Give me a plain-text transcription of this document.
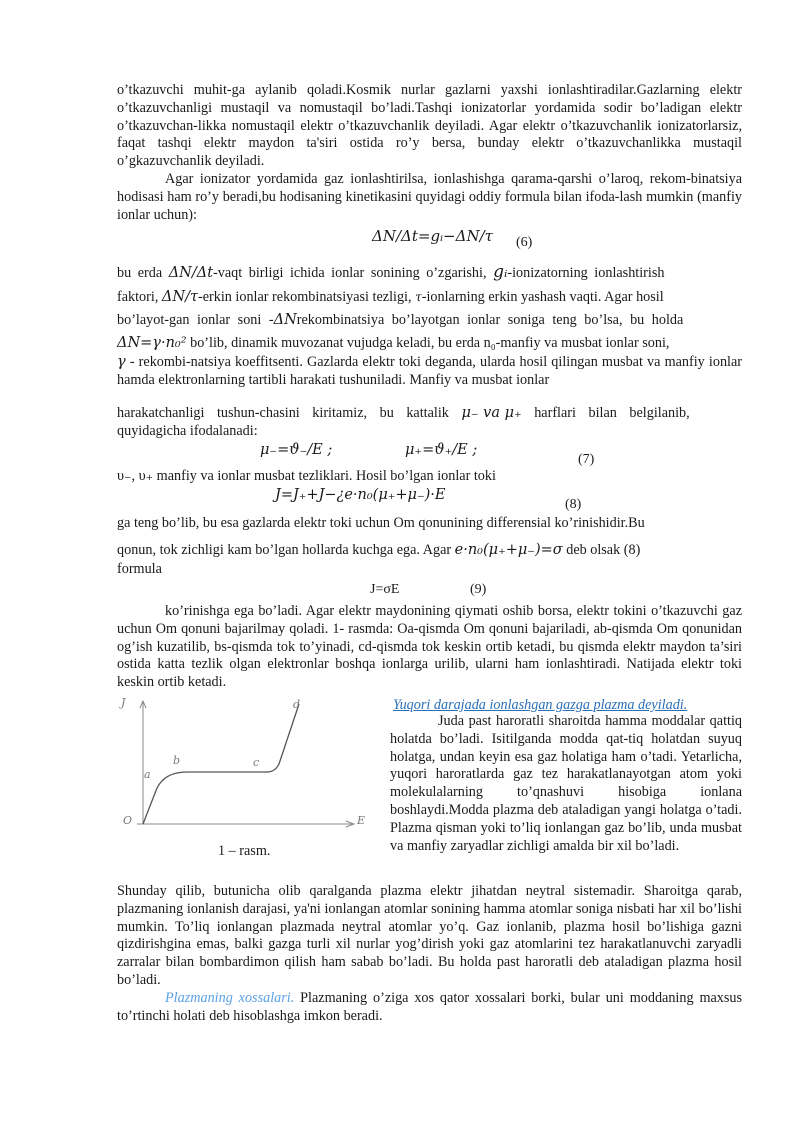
o’tkazuvchi muhit-ga aylanib qoladi.Kosmik nurlar gazlarni yaxshi ionlashtiradilar.Gazlarning elektr o’tkazuvchanligi mustaqil va nomustaqil bo’ladi.Tashqi ionizatorlar yordamida sodir bo’ladigan elektr o’tkazuvchan-likka nomustaqil elektr o’tkazuvchanlik deyiladi. Agar elektr o’tkazuvchanlik ionizatorlarsiz, faqat tashqi elektr maydon ta'siri ostida ro’y bersa, bunday elektr o’tkazuvchanlikka mustaqil o’gkazuvchanlik deyiladi.

Agar ionizator yordamida gaz ionlashtirilsa, ionlashishga qarama-qarshi o’laroq, rekom-binatsiya hodisasi ham ro’y beradi,bu hodisaning kinetikasini quyidagi oddiy formula bilan ifoda-lash mumkin (manfiy ionlar uchun):

ΔN/Δt=gᵢ−ΔN/τ (6)
bu erda ΔN/Δt-vaqt birligi ichida ionlar sonining o’zgarishi, gᵢ-ionizatorning ionlashtirish
faktori, ΔN/τ-erkin ionlar rekombinatsiyasi tezligi, τ-ionlarning erkin yashash vaqti. Agar hosil
bo’layot-gan ionlar soni -ΔNrekombinatsiya bo’layotgan ionlar soniga teng bo’lsa, bu holda
ΔN=γ·n₀² bo’lib, dinamik muvozanat vujudga keladi, bu erda n₀-manfiy va musbat ionlar soni,

γ - rekombi-natsiya koeffitsenti. Gazlarda elektr toki deganda, ularda hosil qilingan musbat va manfiy ionlar hamda elektronlarning tartibli harakati tushuniladi. Manfiy va musbat ionlar

harakatchanligi tushun-chasini kiritamiz, bu kattalik μ₋ va μ₊ harflari bilan belgilanib,
quyidagicha ifodalanadi:
μ₋=ϑ₋/E ;	μ₊=ϑ₊/E ;
(7)
υ₋, υ₊ manfiy va ionlar musbat tezliklari. Hosil bo’lgan ionlar toki
J=J₊+J−¿e·n₀(μ₊+μ₋)·E
(8)
ga teng bo’lib, bu esa gazlarda elektr toki uchun Om qonunining differensial ko’rinishidir.Bu
qonun, tok zichligi kam bo’lgan hollarda kuchga ega. Agar e·n₀(μ₊+μ₋)=σ deb olsak (8)
formula
J=σE	(9)

ko’rinishga ega bo’ladi. Agar elektr maydonining qiymati oshib borsa, elektr tokini o’tkazuvchi gaz uchun Om qonuni bajarilmay qoladi. 1- rasmda: Oa-qismda Om qonuni bajariladi, ab-qismda Om qonunidan og’ish kuzatilib, bs-qismda tok to’yinadi, cd-qismda tok keskin ortib ketadi, bu qismda elektr maydon ta’siri ostida katta tezlik olgan elektronlar boshqa ionlarga urilib, ularni ham ionlashtiradi. Natijada elektr toki keskin ortib ketadi.

J
E
O
a
b	c
d
1 – rasm.
Yuqori darajada ionlashgan gazga plazma deyiladi.

Juda past haroratli sharoitda hamma moddalar qattiq holatda bo’ladi. Isitilganda modda qat-tiq holatdan suyuq holatga, undan keyin esa gaz holatiga ham o’tadi. Yetarlicha, yuqori haroratlarda gaz tez harakatlanayotgan atom yoki molekulalarning to’qnashuvi hisobiga ionlana boshlaydi.Modda plazma deb ataladigan yangi holatga o’tadi. Plazma qisman yoki to’liq ionlangan gaz bo’lib, unda musbat va manfiy zaryadlar zichligi amalda bir xil bo’ladi.

Shunday qilib, butunicha olib qaralganda plazma elektr jihatdan neytral sistemadir. Sharoitga qarab, plazmaning ionlanish darajasi, ya'ni ionlangan atomlar sonining hamma atomlar soniga nisbati har xil bo’lishi mumkin. To’liq ionlangan plazmada neytral atomlar yo’q. Gaz ionlanib, plazma hosil bo’lishiga gazni qizdirishgina emas, balki gazga turli xil nurlar yog’dirish yoki gaz atomlarini tez harakatlanuvchi zaryadli zarralar bilan bombardimon qilish ham sabab bo’ladi. Bu holda past haroratli deb ataladigan plazma hosil bo’ladi.

Plazmaning xossalari. Plazmaning o’ziga xos qator xossalari borki, bular uni moddaning maxsus to’rtinchi holati deb hisoblashga imkon beradi.
